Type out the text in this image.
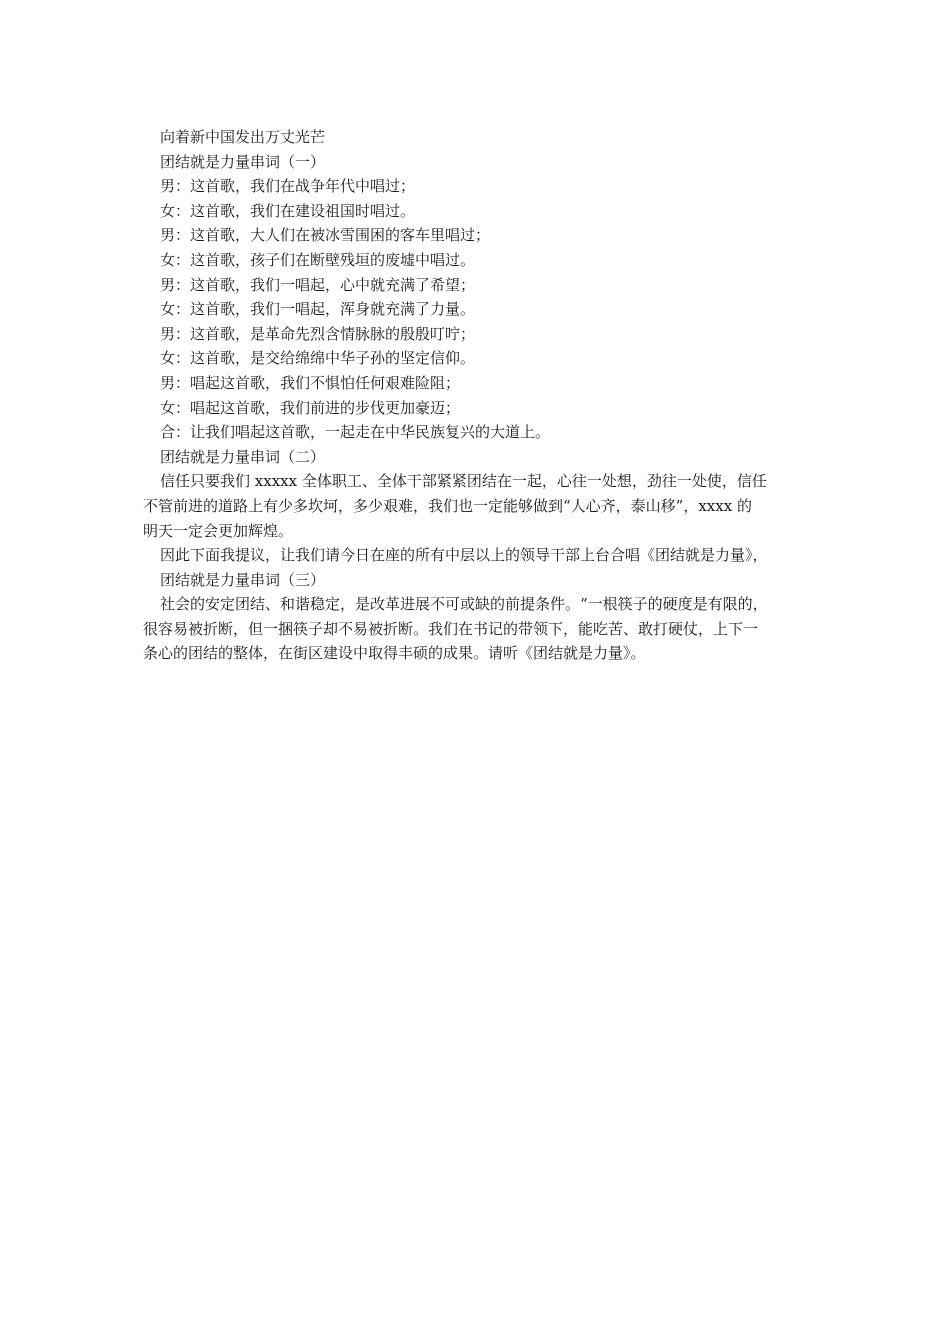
向着新中国发出万丈光芒
团结就是力量串词（一）
男：这首歌，我们在战争年代中唱过；
女：这首歌，我们在建设祖国时唱过。
男：这首歌，大人们在被冰雪围困的客车里唱过；
女：这首歌，孩子们在断壁残垣的废墟中唱过。
男：这首歌，我们一唱起，心中就充满了希望；
女：这首歌，我们一唱起，浑身就充满了力量。
男：这首歌，是革命先烈含情脉脉的殷殷叮咛；
女：这首歌，是交给绵绵中华子孙的坚定信仰。
男：唱起这首歌，我们不惧怕任何艰难险阻；
女：唱起这首歌，我们前进的步伐更加豪迈；
合：让我们唱起这首歌，一起走在中华民族复兴的大道上。
团结就是力量串词（二）
信任只要我们 xxxxx 全体职工、全体干部紧紧团结在一起，心往一处想，劲往一处使，信任
不管前进的道路上有少多坎坷，多少艰难，我们也一定能够做到“人心齐，泰山移”，xxxx 的
明天一定会更加辉煌。
因此下面我提议，让我们请今日在座的所有中层以上的领导干部上台合唱《团结就是力量》，
团结就是力量串词（三）
社会的安定团结、和谐稳定，是改革进展不可或缺的前提条件。“一根筷子的硬度是有限的，
很容易被折断，但一捆筷子却不易被折断。我们在书记的带领下，能吃苦、敢打硬仗，上下一
条心的团结的整体，在街区建设中取得丰硕的成果。请听《团结就是力量》。
